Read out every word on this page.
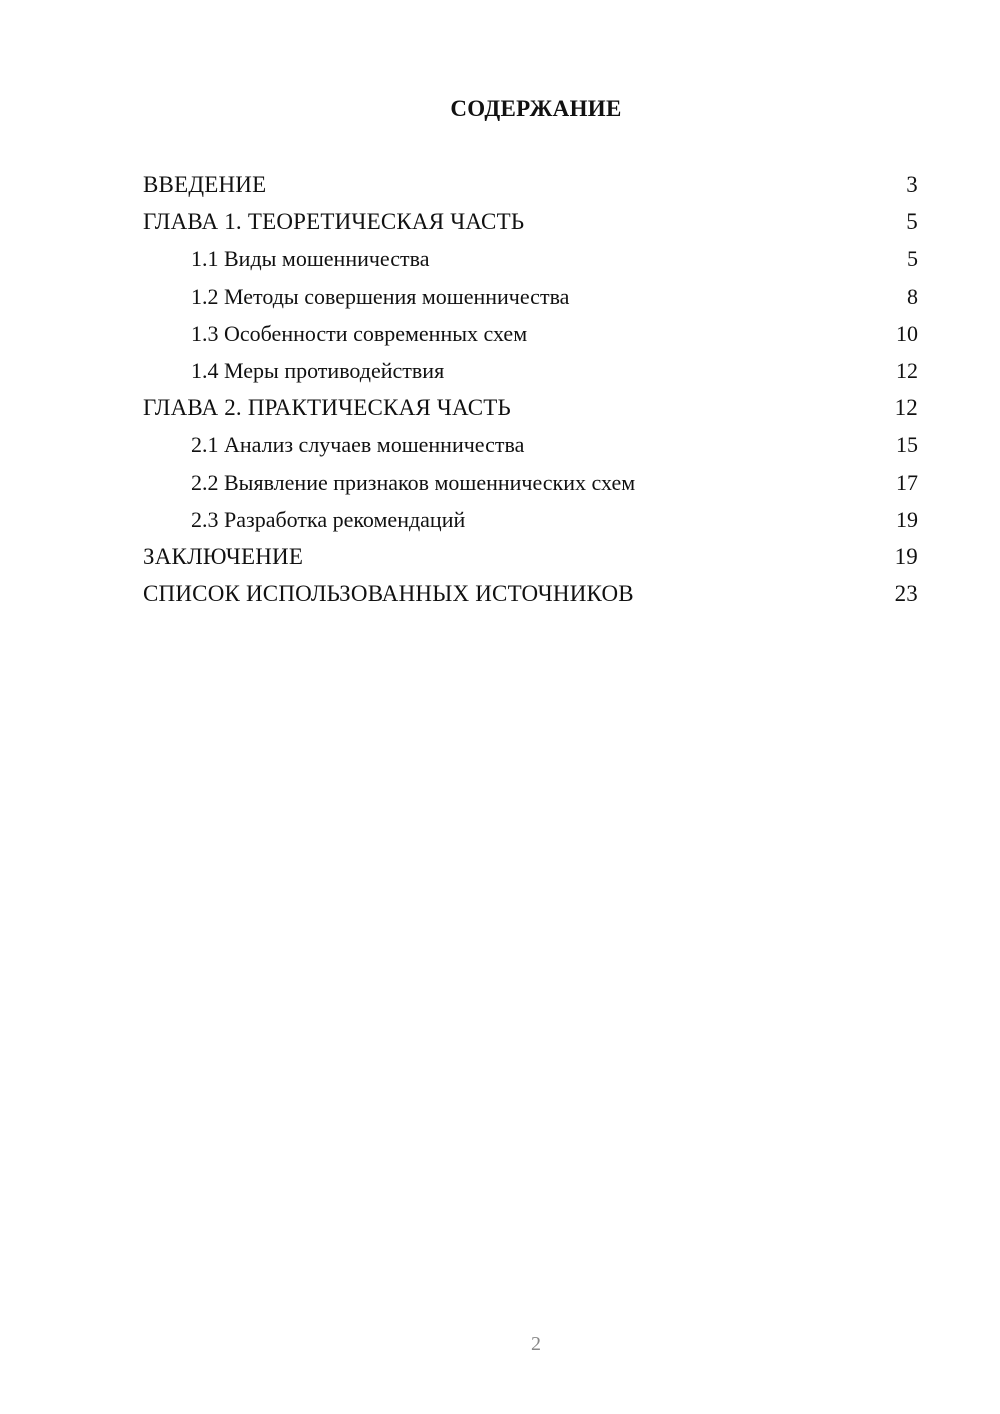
СОДЕРЖАНИЕ
ВВЕДЕНИЕ	3
ГЛАВА 1. ТЕОРЕТИЧЕСКАЯ ЧАСТЬ	5
1.1 Виды мошенничества	5
1.2 Методы совершения мошенничества	8
1.3 Особенности современных схем	10
1.4 Меры противодействия	12
ГЛАВА 2. ПРАКТИЧЕСКАЯ ЧАСТЬ	12
2.1 Анализ случаев мошенничества	15
2.2 Выявление признаков мошеннических схем	17
2.3 Разработка рекомендаций	19
ЗАКЛЮЧЕНИЕ	19
СПИСОК ИСПОЛЬЗОВАННЫХ ИСТОЧНИКОВ	23
2
